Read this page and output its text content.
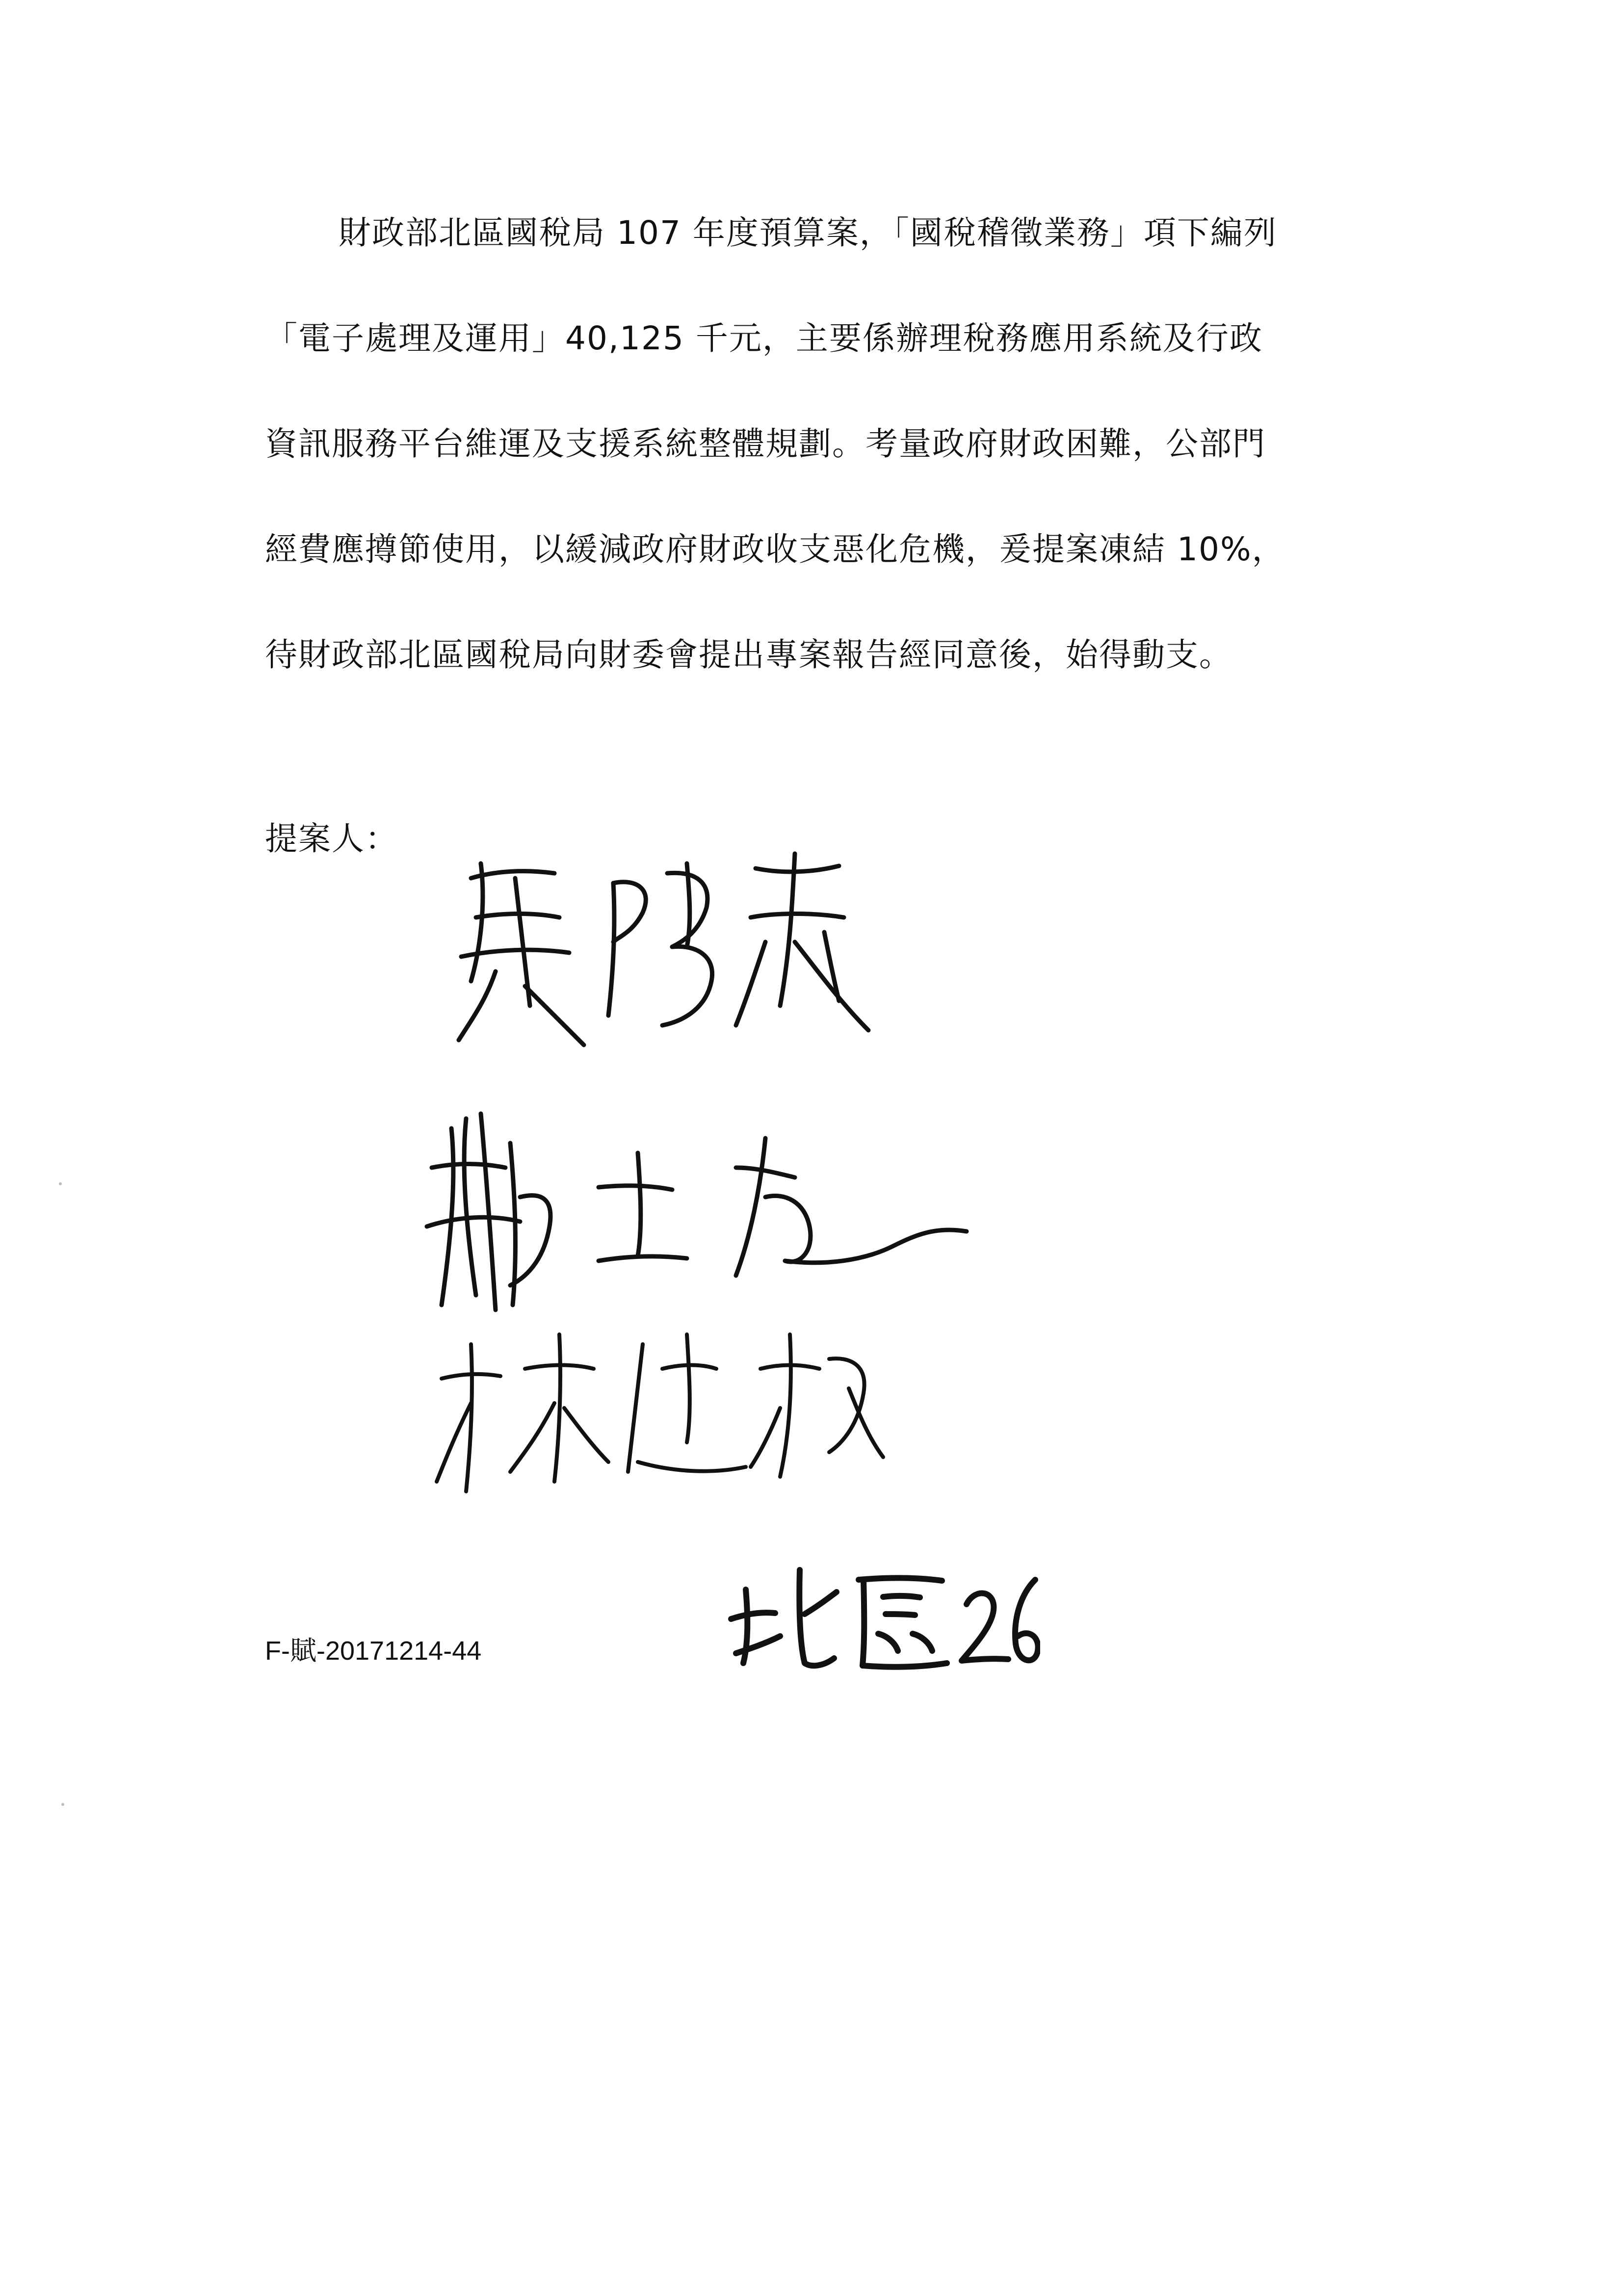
財政部北區國稅局 107 年度預算案，「國稅稽徵業務」項下編列
「電子處理及運用」40,125 千元，主要係辦理稅務應用系統及行政
資訊服務平台維運及支援系統整體規劃。考量政府財政困難，公部門
經費應撙節使用，以緩減政府財政收支惡化危機，爰提案凍結 10%，
待財政部北區國稅局向財委會提出專案報告經同意後，始得動支。
提案人：
F-賦-20171214-44
